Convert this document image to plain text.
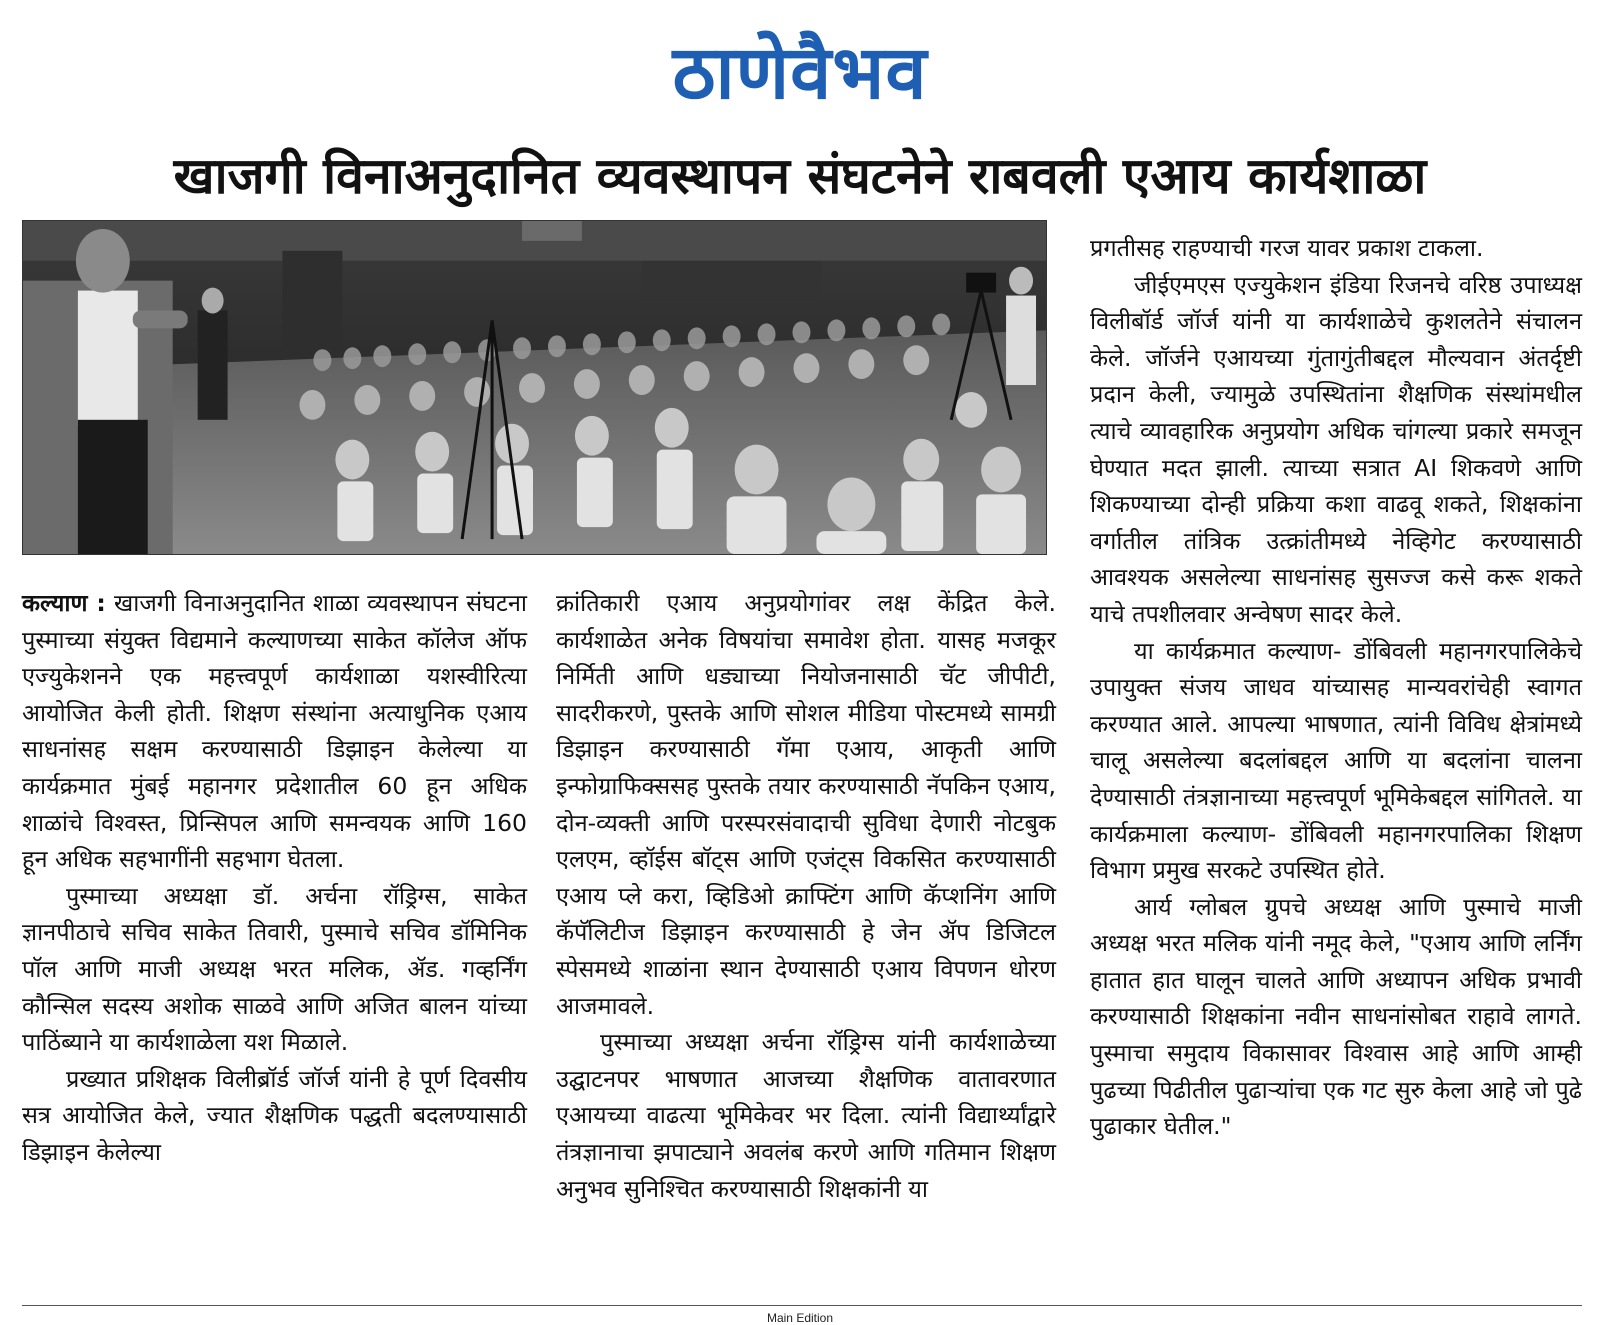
ठाणेवैभव
खाजगी विनाअनुदानित व्यवस्थापन संघटनेने राबवली एआय कार्यशाळा

कल्याण : खाजगी विनाअनुदानित शाळा व्यवस्थापन संघटना पुस्माच्या संयुक्त विद्यमाने कल्याणच्या साकेत कॉलेज ऑफ एज्युकेशनने एक महत्त्वपूर्ण कार्यशाळा यशस्वीरित्या आयोजित केली होती. शिक्षण संस्थांना अत्याधुनिक एआय साधनांसह सक्षम करण्यासाठी डिझाइन केलेल्या या कार्यक्रमात मुंबई महानगर प्रदेशातील 60 हून अधिक शाळांचे विश्वस्त, प्रिन्सिपल आणि समन्वयक आणि 160 हून अधिक सहभागींनी सहभाग घेतला.

पुस्माच्या अध्यक्षा डॉ. अर्चना रॉड्रिग्स, साकेत ज्ञानपीठाचे सचिव साकेत तिवारी, पुस्माचे सचिव डॉमिनिक पॉल आणि माजी अध्यक्ष भरत मलिक, ॲड. गव्हर्निंग कौन्सिल सदस्य अशोक साळवे आणि अजित बालन यांच्या पाठिंब्याने या कार्यशाळेला यश मिळाले.

प्रख्यात प्रशिक्षक विलीब्रॉर्ड जॉर्ज यांनी हे पूर्ण दिवसीय सत्र आयोजित केले, ज्यात शैक्षणिक पद्धती बदलण्यासाठी डिझाइन केलेल्या

क्रांतिकारी एआय अनुप्रयोगांवर लक्ष केंद्रित केले. कार्यशाळेत अनेक विषयांचा समावेश होता. यासह मजकूर निर्मिती आणि धड्याच्या नियोजनासाठी चॅट जीपीटी, सादरीकरणे, पुस्तके आणि सोशल मीडिया पोस्टमध्ये सामग्री डिझाइन करण्यासाठी गॅमा एआय, आकृती आणि इन्फोग्राफिक्ससह पुस्तके तयार करण्यासाठी नॅपकिन एआय, दोन-व्यक्ती आणि परस्परसंवादाची सुविधा देणारी नोटबुक एलएम, व्हॉईस बॉट्स आणि एजंट्स विकसित करण्यासाठी एआय प्ले करा, व्हिडिओ क्राफ्टिंग आणि कॅप्शनिंग आणि कॅपॅलिटीज डिझाइन करण्यासाठी हे जेन ॲप डिजिटल स्पेसमध्ये शाळांना स्थान देण्यासाठी एआय विपणन धोरण आजमावले.

पुस्माच्या अध्यक्षा अर्चना रॉड्रिग्स यांनी कार्यशाळेच्या उद्घाटनपर भाषणात आजच्या शैक्षणिक वातावरणात एआयच्या वाढत्या भूमिकेवर भर दिला. त्यांनी विद्यार्थ्यांद्वारे तंत्रज्ञानाचा झपाट्याने अवलंब करणे आणि गतिमान शिक्षण अनुभव सुनिश्चित करण्यासाठी शिक्षकांनी या

प्रगतीसह राहण्याची गरज यावर प्रकाश टाकला.

जीईएमएस एज्युकेशन इंडिया रिजनचे वरिष्ठ उपाध्यक्ष विलीबॉर्ड जॉर्ज यांनी या कार्यशाळेचे कुशलतेने संचालन केले. जॉर्जने एआयच्या गुंतागुंतीबद्दल मौल्यवान अंतर्दृष्टी प्रदान केली, ज्यामुळे उपस्थितांना शैक्षणिक संस्थांमधील त्याचे व्यावहारिक अनुप्रयोग अधिक चांगल्या प्रकारे समजून घेण्यात मदत झाली. त्याच्या सत्रात AI शिकवणे आणि शिकण्याच्या दोन्ही प्रक्रिया कशा वाढवू शकते, शिक्षकांना वर्गातील तांत्रिक उत्क्रांतीमध्ये नेव्हिगेट करण्यासाठी आवश्यक असलेल्या साधनांसह सुसज्ज कसे करू शकते याचे तपशीलवार अन्वेषण सादर केले.

या कार्यक्रमात कल्याण- डोंबिवली महानगरपालिकेचे उपायुक्त संजय जाधव यांच्यासह मान्यवरांचेही स्वागत करण्यात आले. आपल्या भाषणात, त्यांनी विविध क्षेत्रांमध्ये चालू असलेल्या बदलांबद्दल आणि या बदलांना चालना देण्यासाठी तंत्रज्ञानाच्या महत्त्वपूर्ण भूमिकेबद्दल सांगितले. या कार्यक्रमाला कल्याण- डोंबिवली महानगरपालिका शिक्षण विभाग प्रमुख सरकटे उपस्थित होते.

आर्य ग्लोबल ग्रुपचे अध्यक्ष आणि पुस्माचे माजी अध्यक्ष भरत मलिक यांनी नमूद केले, "एआय आणि लर्निंग हातात हात घालून चालते आणि अध्यापन अधिक प्रभावी करण्यासाठी शिक्षकांना नवीन साधनांसोबत राहावे लागते. पुस्माचा समुदाय विकासावर विश्वास आहे आणि आम्ही पुढच्या पिढीतील पुढाऱ्यांचा एक गट सुरु केला आहे जो पुढे पुढाकार घेतील."

Main Edition
